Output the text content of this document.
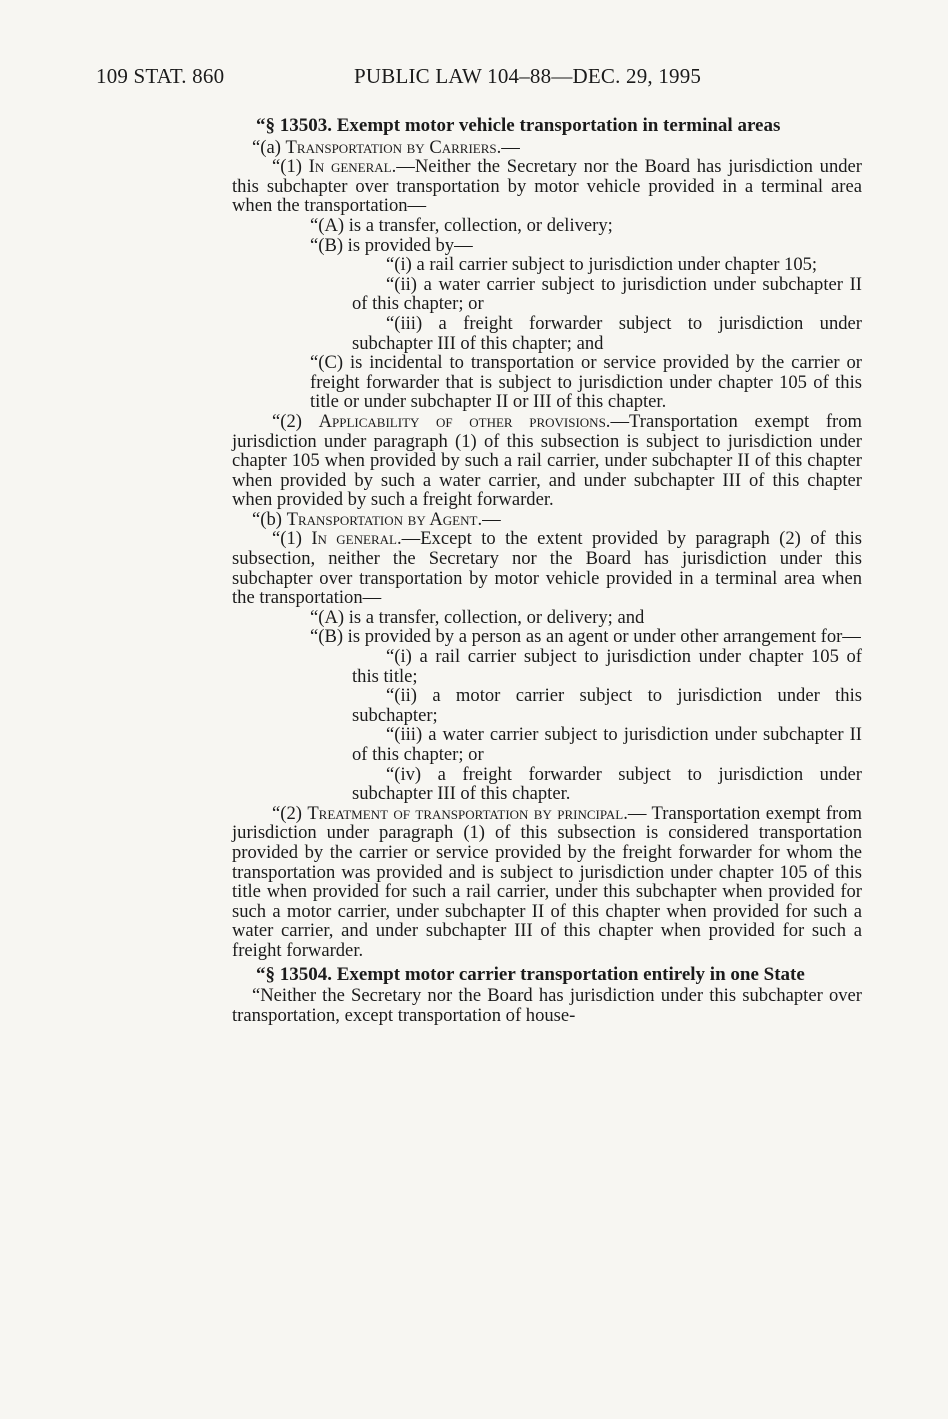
109 STAT. 860	PUBLIC LAW 104–88—DEC. 29, 1995

“§ 13503. Exempt motor vehicle transportation in terminal areas

“(a) Transportation by Carriers.—

“(1) In general.—Neither the Secretary nor the Board has jurisdiction under this subchapter over transportation by motor vehicle provided in a terminal area when the transportation—

“(A) is a transfer, collection, or delivery;

“(B) is provided by—

“(i) a rail carrier subject to jurisdiction under chapter 105;

“(ii) a water carrier subject to jurisdiction under subchapter II of this chapter; or

“(iii) a freight forwarder subject to jurisdiction under subchapter III of this chapter; and

“(C) is incidental to transportation or service provided by the carrier or freight forwarder that is subject to jurisdiction under chapter 105 of this title or under subchapter II or III of this chapter.

“(2) Applicability of other provisions.—Transportation exempt from jurisdiction under paragraph (1) of this subsection is subject to jurisdiction under chapter 105 when provided by such a rail carrier, under subchapter II of this chapter when provided by such a water carrier, and under subchapter III of this chapter when provided by such a freight forwarder.

“(b) Transportation by Agent.—

“(1) In general.—Except to the extent provided by paragraph (2) of this subsection, neither the Secretary nor the Board has jurisdiction under this subchapter over transportation by motor vehicle provided in a terminal area when the transportation—

“(A) is a transfer, collection, or delivery; and

“(B) is provided by a person as an agent or under other arrangement for—

“(i) a rail carrier subject to jurisdiction under chapter 105 of this title;

“(ii) a motor carrier subject to jurisdiction under this subchapter;

“(iii) a water carrier subject to jurisdiction under subchapter II of this chapter; or

“(iv) a freight forwarder subject to jurisdiction under subchapter III of this chapter.

“(2) Treatment of transportation by principal.— Transportation exempt from jurisdiction under paragraph (1) of this subsection is considered transportation provided by the carrier or service provided by the freight forwarder for whom the transportation was provided and is subject to jurisdiction under chapter 105 of this title when provided for such a rail carrier, under this subchapter when provided for such a motor carrier, under subchapter II of this chapter when provided for such a water carrier, and under subchapter III of this chapter when provided for such a freight forwarder.

“§ 13504. Exempt motor carrier transportation entirely in one State

“Neither the Secretary nor the Board has jurisdiction under this subchapter over transportation, except transportation of house-
